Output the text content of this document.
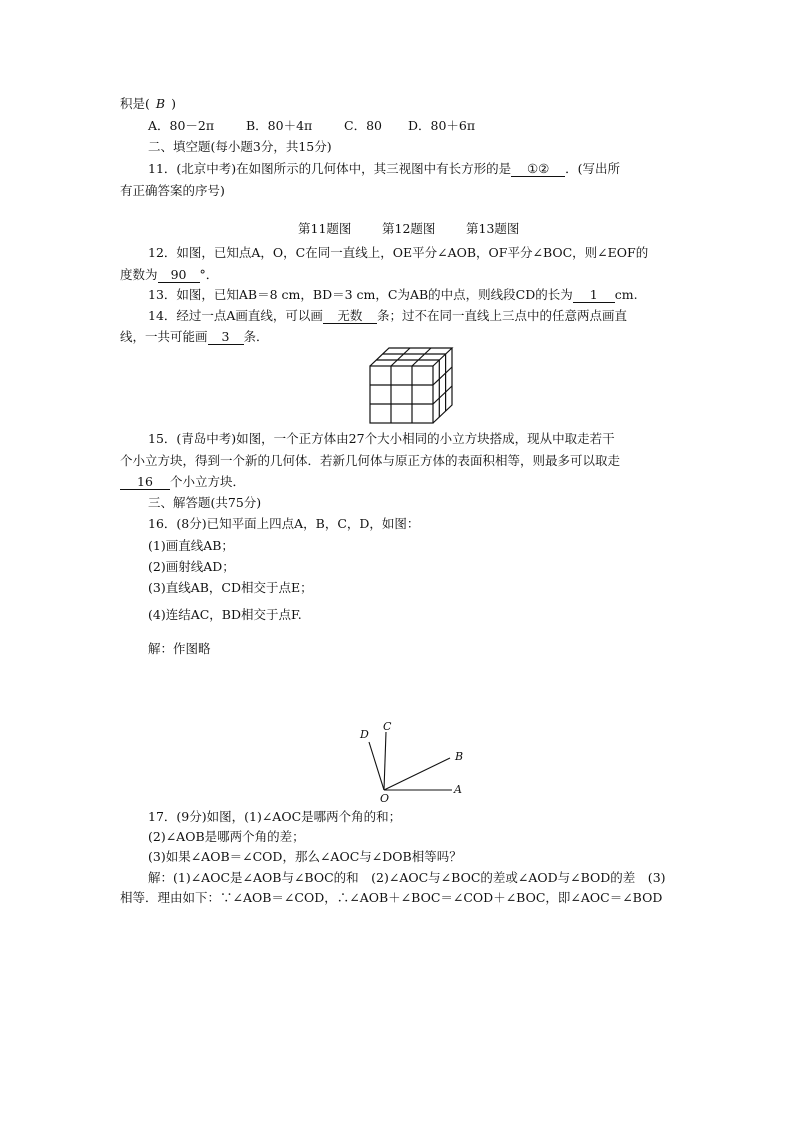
积是( B )
A．80－2π	B．80＋4π	C．80 D．80＋6π
二、填空题(每小题3分，共15分)
11．(北京中考)在如图所示的几何体中，其三视图中有长方形的是 ①② ．(写出所
有正确答案的序号)
第11题图 第12题图 第13题图
12．如图，已知点A，O，C在同一直线上，OE平分∠AOB，OF平分∠BOC，则∠EOF的
度数为 90 °．
13．如图，已知AB＝8 cm，BD＝3 cm，C为AB的中点，则线段CD的长为 1 cm.
14．经过一点A画直线，可以画 无数 条；过不在同一直线上三点中的任意两点画直
线，一共可能画 3 条．
15．(青岛中考)如图，一个正方体由27个大小相同的小立方块搭成，现从中取走若干
个小立方块，得到一个新的几何体．若新几何体与原正方体的表面积相等，则最多可以取走
16 个小立方块．
三、解答题(共75分)
16．(8分)已知平面上四点A，B，C，D，如图：
(1)画直线AB；
(2)画射线AD；
(3)直线AB，CD相交于点E；
(4)连结AC，BD相交于点F.
解：作图略
A
B
C
D
O
17．(9分)如图，(1)∠AOC是哪两个角的和；
(2)∠AOB是哪两个角的差；
(3)如果∠AOB＝∠COD，那么∠AOC与∠DOB相等吗？
解：(1)∠AOC是∠AOB与∠BOC的和　(2)∠AOC与∠BOC的差或∠AOD与∠BOD的差　(3)
相等．理由如下：∵∠AOB＝∠COD，∴∠AOB＋∠BOC＝∠COD＋∠BOC，即∠AOC＝∠BOD
